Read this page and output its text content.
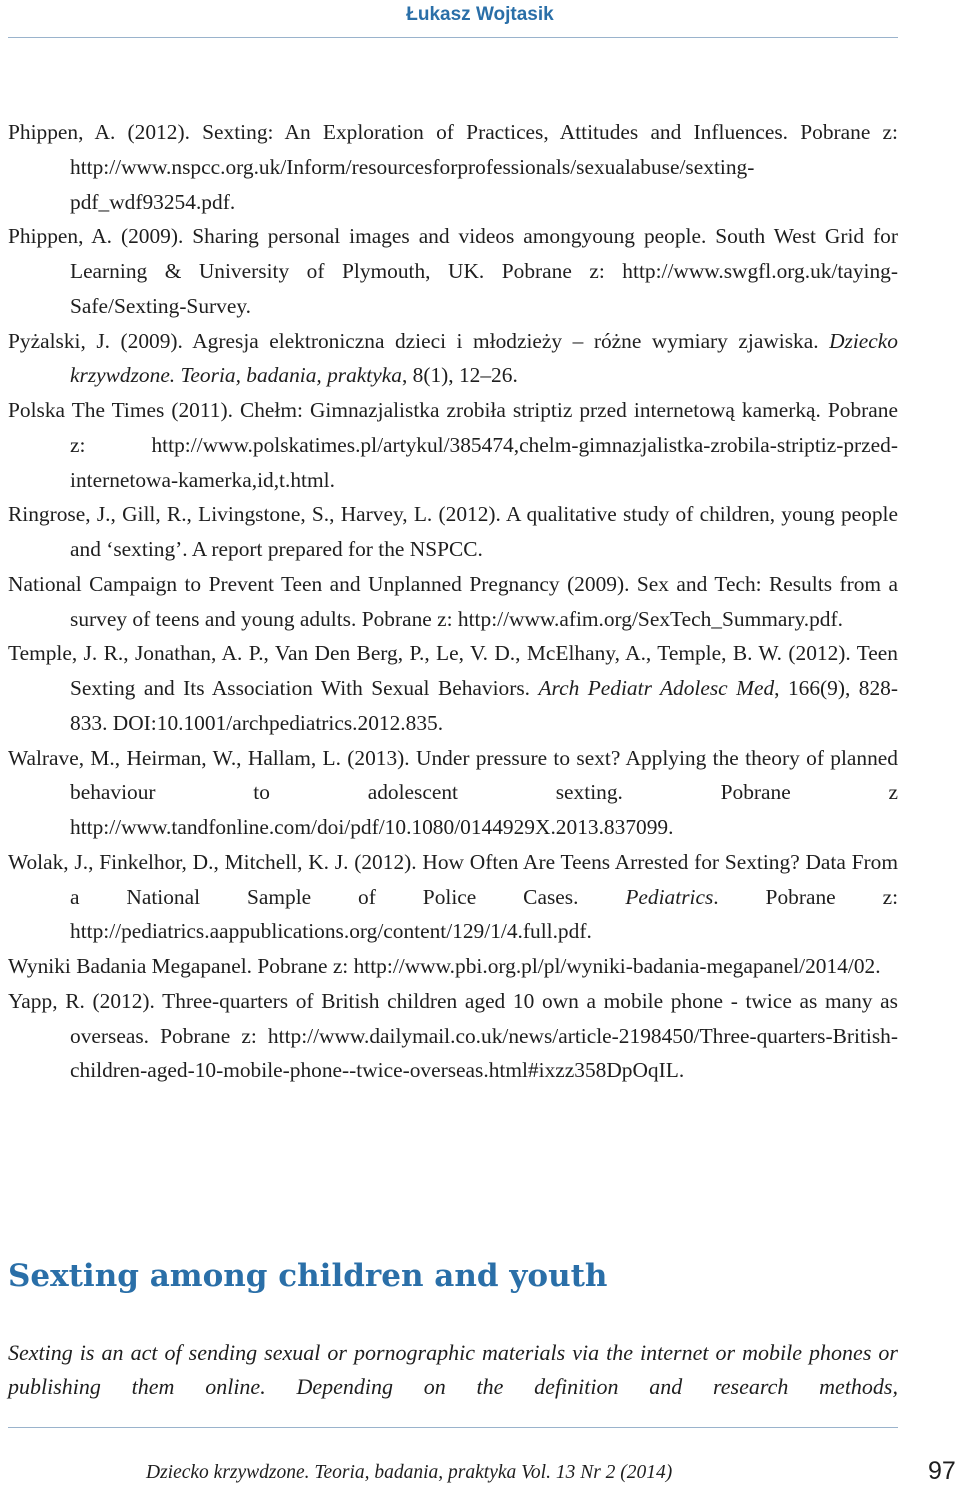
Łukasz Wojtasik
Phippen, A. (2012). Sexting: An Exploration of Practices, Attitudes and Influences. Pobrane z: http://www.nspcc.org.uk/Inform/resourcesforprofessionals/sexualabuse/sexting-pdf_wdf93254.pdf.
Phippen, A. (2009). Sharing personal images and videos amongyoung people. South West Grid for Learning & University of Plymouth, UK. Pobrane z: http://www.swgfl.org.uk/taying-Safe/Sexting-Survey.
Pyżalski, J. (2009). Agresja elektroniczna dzieci i młodzieży – różne wymiary zjawiska. Dziecko krzywdzone. Teoria, badania, praktyka, 8(1), 12–26.
Polska The Times (2011). Chełm: Gimnazjalistka zrobiła striptiz przed internetową kamerką. Pobrane z: http://www.polskatimes.pl/artykul/385474,chelm-gimnazjalistka-zrobila-striptiz-przed-internetowa-kamerka,id,t.html.
Ringrose, J., Gill, R., Livingstone, S., Harvey, L. (2012). A qualitative study of children, young people and ‘sexting’. A report prepared for the NSPCC.
National Campaign to Prevent Teen and Unplanned Pregnancy (2009). Sex and Tech: Results from a survey of teens and young adults. Pobrane z: http://www.afim.org/SexTech_Summary.pdf.
Temple, J. R., Jonathan, A. P., Van Den Berg, P., Le, V. D., McElhany, A., Temple, B. W. (2012). Teen Sexting and Its Association With Sexual Behaviors. Arch Pediatr Adolesc Med, 166(9), 828-833. DOI:10.1001/archpediatrics.2012.835.
Walrave, M., Heirman, W., Hallam, L. (2013). Under pressure to sext? Applying the theory of planned behaviour to adolescent sexting. Pobrane z http://www.tandfonline.com/doi/pdf/10.1080/0144929X.2013.837099.
Wolak, J., Finkelhor, D., Mitchell, K. J. (2012). How Often Are Teens Arrested for Sexting? Data From a National Sample of Police Cases. Pediatrics. Pobrane z: http://pediatrics.aappublications.org/content/129/1/4.full.pdf.
Wyniki Badania Megapanel. Pobrane z: http://www.pbi.org.pl/pl/wyniki-badania-megapanel/2014/02.
Yapp, R. (2012). Three-quarters of British children aged 10 own a mobile phone - twice as many as overseas. Pobrane z: http://www.dailymail.co.uk/news/article-2198450/Three-quarters-British-children-aged-10-mobile-phone--twice-overseas.html#ixzz358DpOqIL.
Sexting among children and youth
Sexting is an act of sending sexual or pornographic materials via the internet or mobile phones or publishing them online. Depending on the definition and research methods,
Dziecko krzywdzone. Teoria, badania, praktyka Vol. 13 Nr 2 (2014)	97
